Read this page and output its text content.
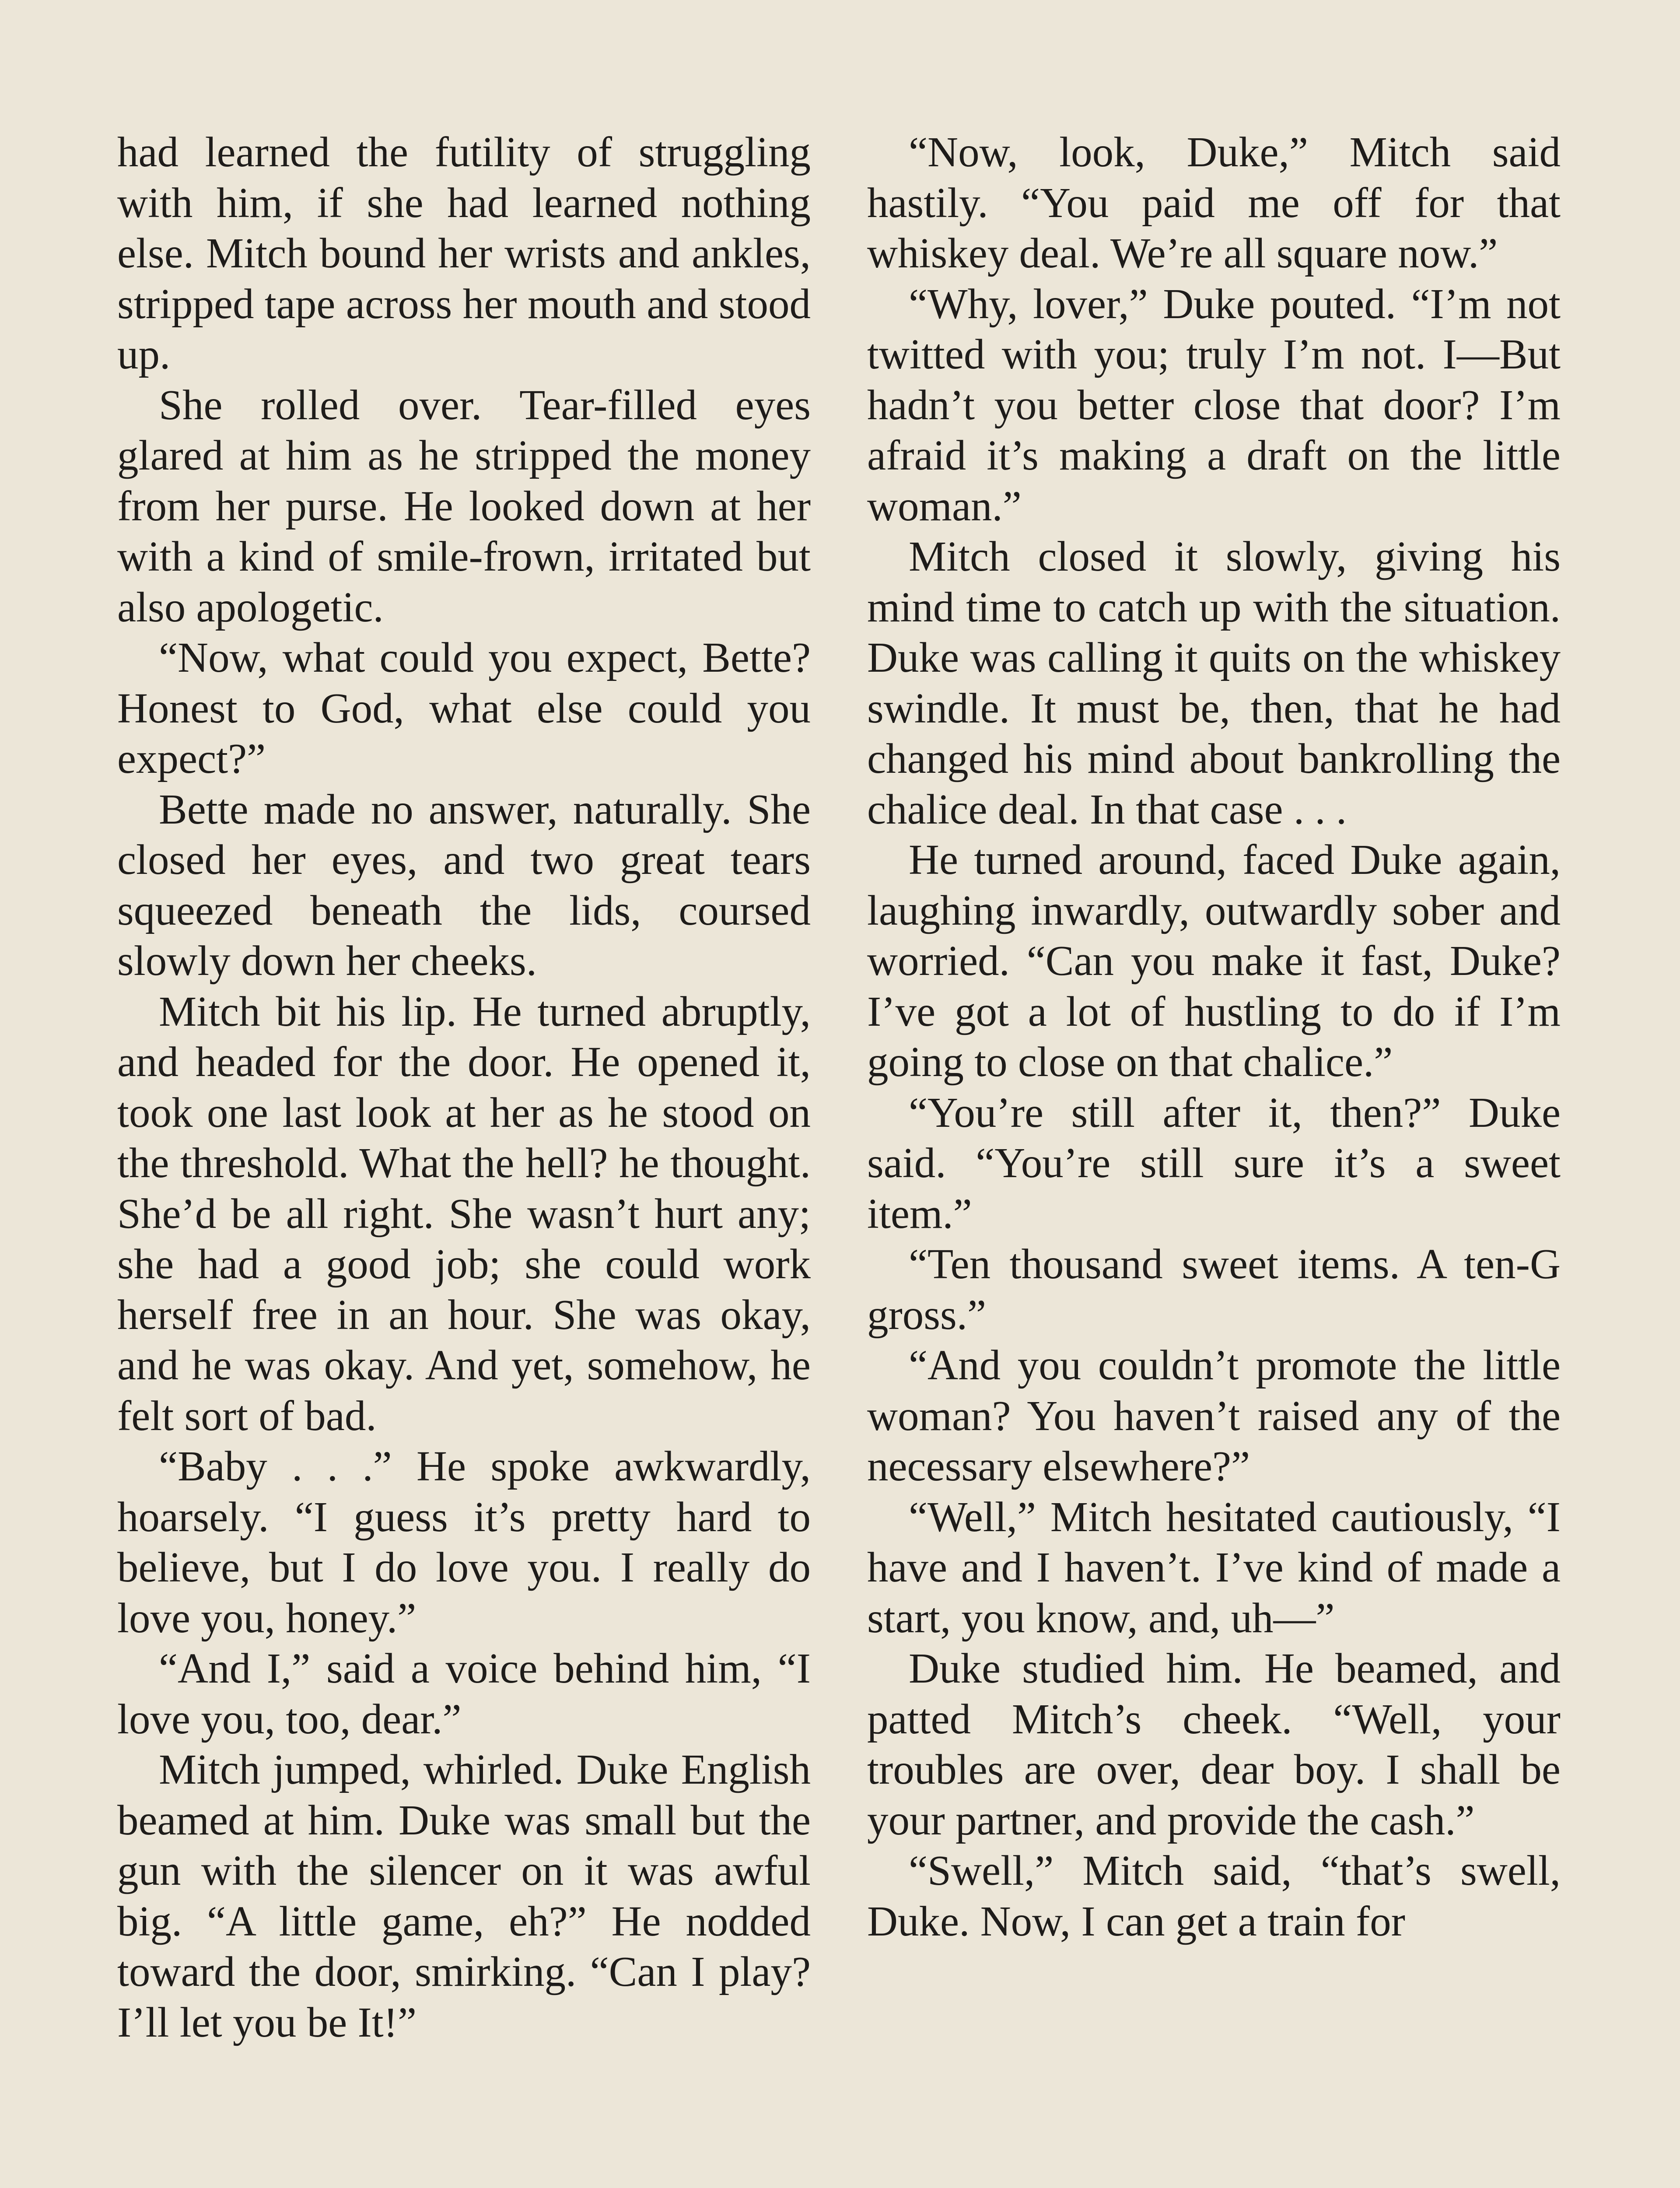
had learned the futility of struggling with him, if she had learned nothing else. Mitch bound her wrists and ankles, stripped tape across her mouth and stood up.

She rolled over. Tear-filled eyes glared at him as he stripped the money from her purse. He looked down at her with a kind of smile-frown, irritated but also apologetic.

“Now, what could you expect, Bette? Honest to God, what else could you expect?”

Bette made no answer, naturally. She closed her eyes, and two great tears squeezed beneath the lids, coursed slowly down her cheeks.

Mitch bit his lip. He turned abruptly, and headed for the door. He opened it, took one last look at her as he stood on the threshold. What the hell? he thought. She’d be all right. She wasn’t hurt any; she had a good job; she could work herself free in an hour. She was okay, and he was okay. And yet, somehow, he felt sort of bad.

“Baby . . .” He spoke awkwardly, hoarsely. “I guess it’s pretty hard to believe, but I do love you. I really do love you, honey.”

“And I,” said a voice behind him, “I love you, too, dear.”

Mitch jumped, whirled. Duke English beamed at him. Duke was small but the gun with the silencer on it was awful big. “A little game, eh?” He nodded toward the door, smirking. “Can I play? I’ll let you be It!”

“Now, look, Duke,” Mitch said hastily. “You paid me off for that whiskey deal. We’re all square now.”

“Why, lover,” Duke pouted. “I’m not twitted with you; truly I’m not. I—But hadn’t you better close that door? I’m afraid it’s making a draft on the little woman.”

Mitch closed it slowly, giving his mind time to catch up with the situation. Duke was calling it quits on the whiskey swindle. It must be, then, that he had changed his mind about bankrolling the chalice deal. In that case . . .

He turned around, faced Duke again, laughing inwardly, outwardly sober and worried. “Can you make it fast, Duke? I’ve got a lot of hustling to do if I’m going to close on that chalice.”

“You’re still after it, then?” Duke said. “You’re still sure it’s a sweet item.”

“Ten thousand sweet items. A ten-G gross.”

“And you couldn’t promote the little woman? You haven’t raised any of the necessary elsewhere?”

“Well,” Mitch hesitated cautiously, “I have and I haven’t. I’ve kind of made a start, you know, and, uh—”

Duke studied him. He beamed, and patted Mitch’s cheek. “Well, your troubles are over, dear boy. I shall be your partner, and provide the cash.”

“Swell,” Mitch said, “that’s swell, Duke. Now, I can get a train for
